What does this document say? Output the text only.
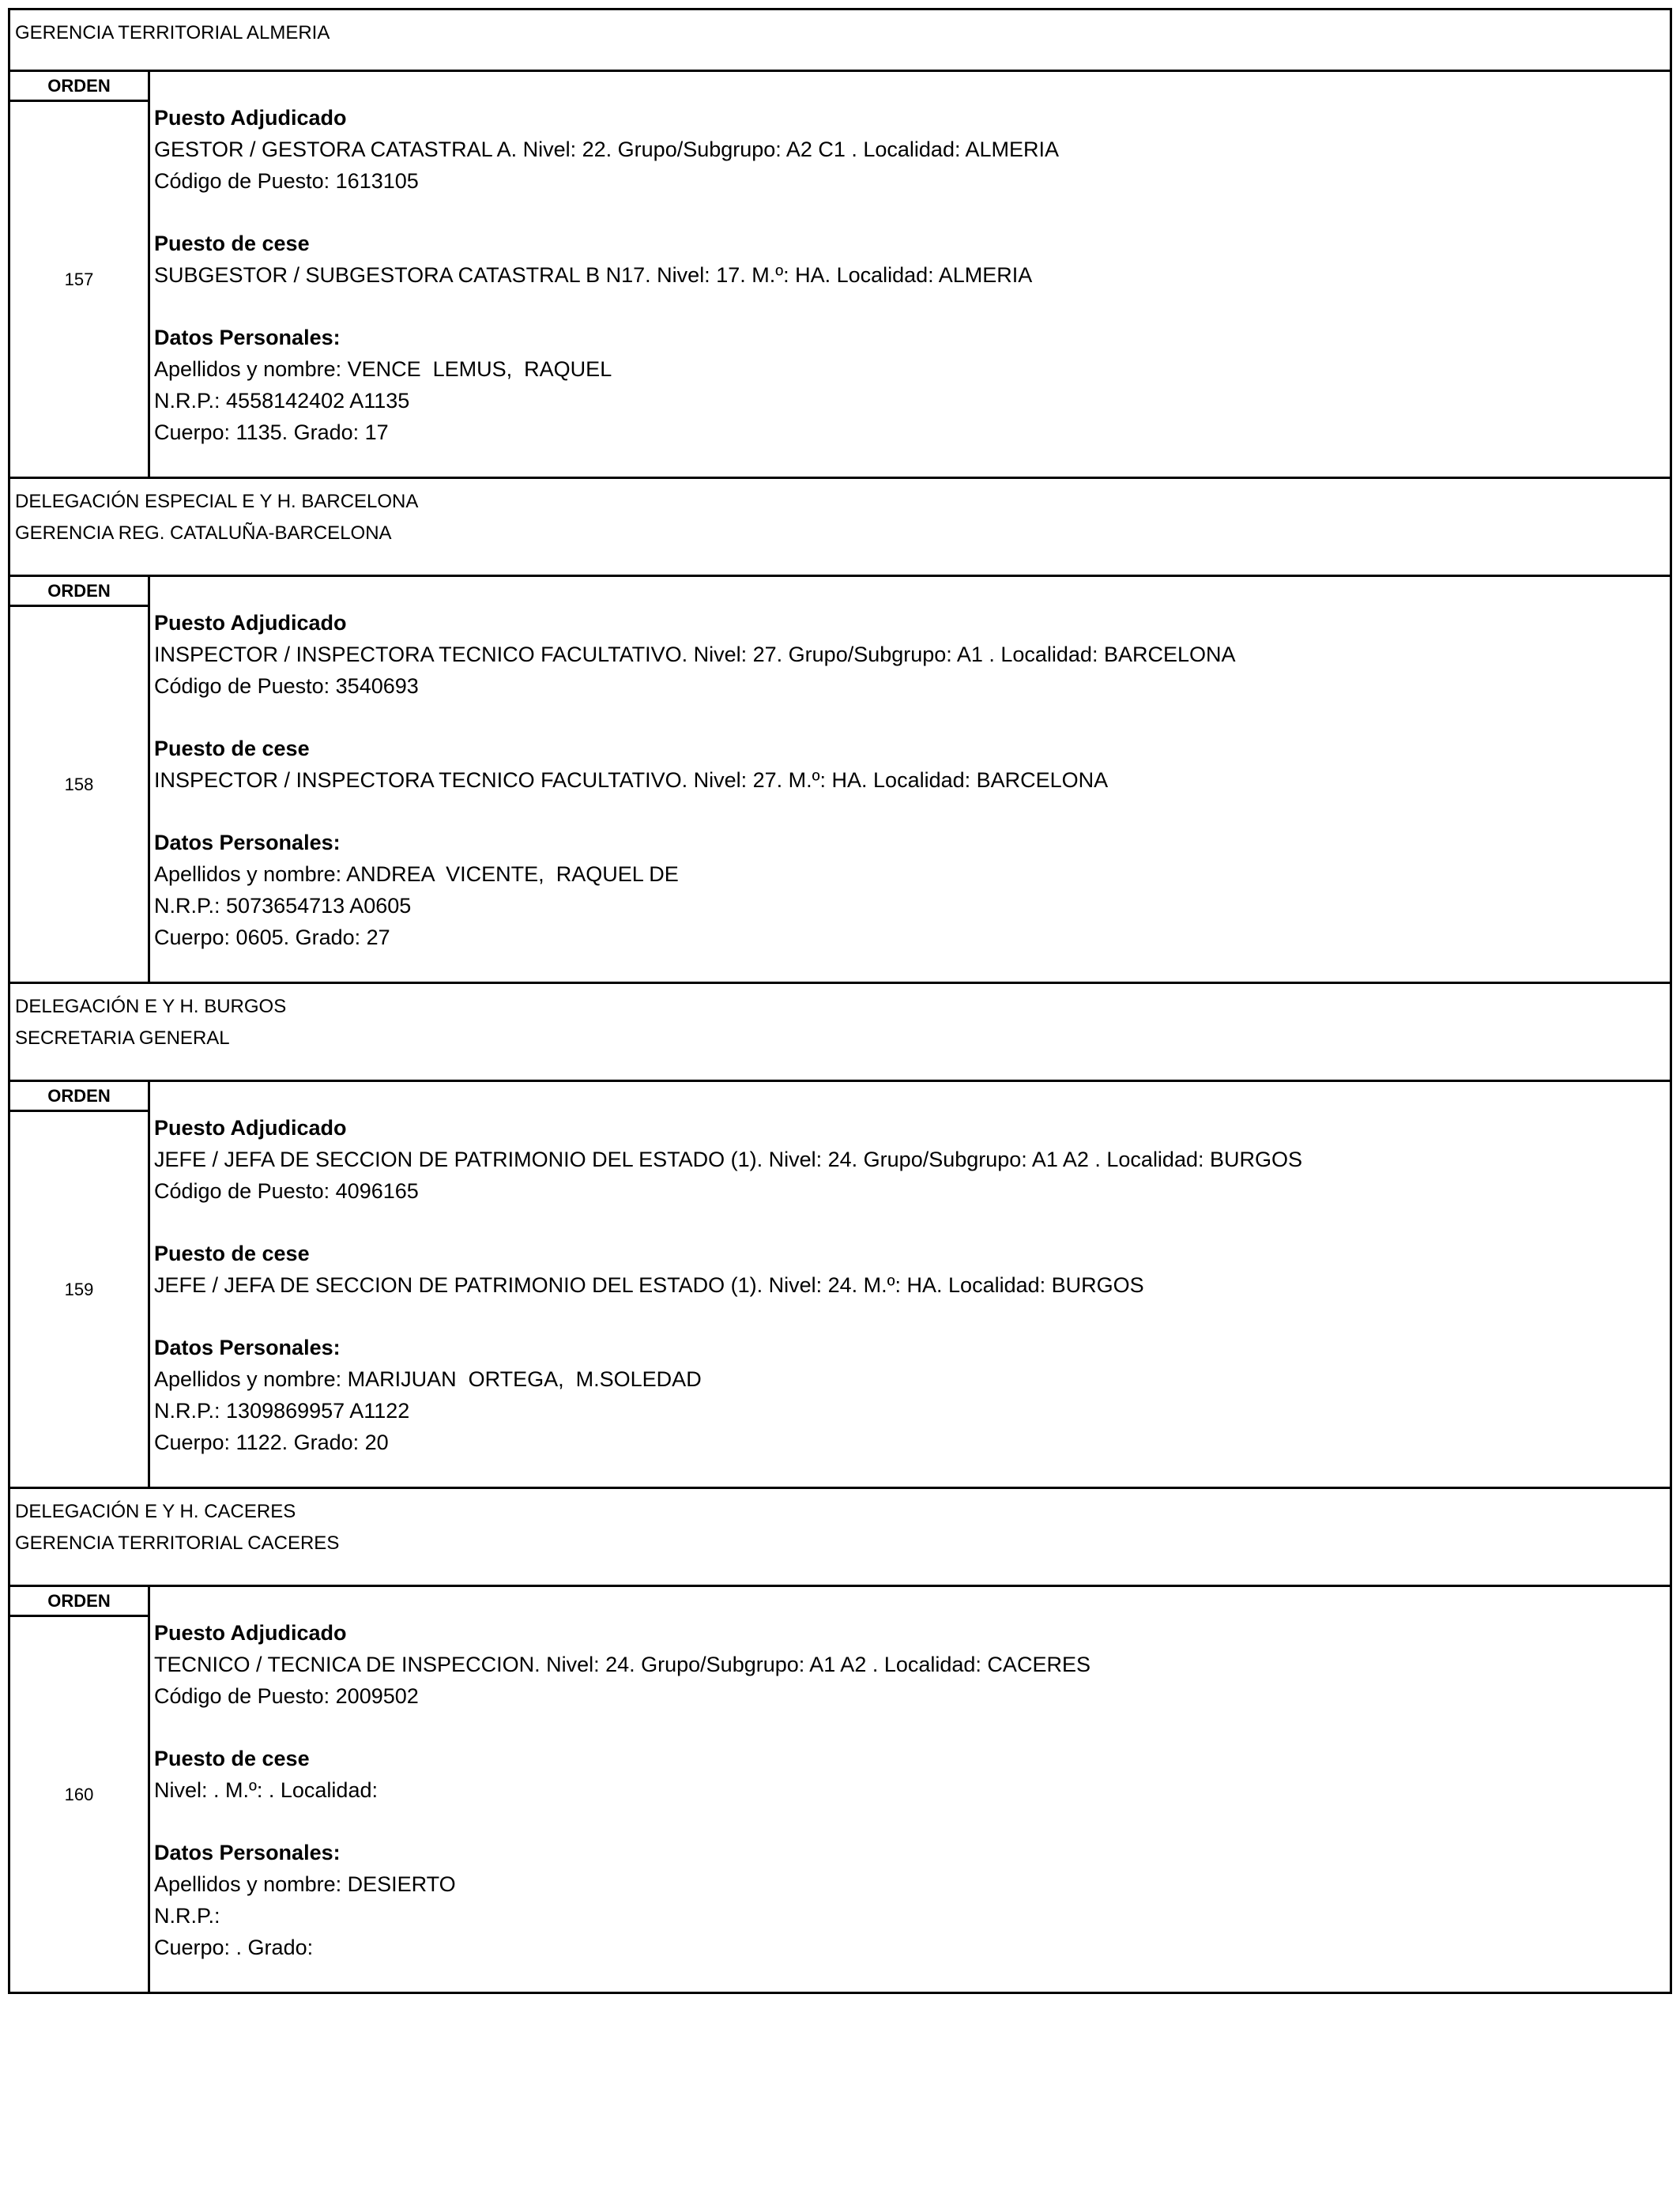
GERENCIA TERRITORIAL ALMERIA
ORDEN
157
Puesto Adjudicado
GESTOR / GESTORA CATASTRAL A. Nivel: 22. Grupo/Subgrupo: A2 C1 . Localidad: ALMERIA
Código de Puesto: 1613105
Puesto de cese
SUBGESTOR / SUBGESTORA CATASTRAL B N17. Nivel: 17. M.º: HA. Localidad: ALMERIA
Datos Personales:
Apellidos y nombre: VENCE  LEMUS,  RAQUEL
N.R.P.: 4558142402 A1135
Cuerpo: 1135. Grado: 17
DELEGACIÓN ESPECIAL E Y H. BARCELONA
GERENCIA REG. CATALUÑA-BARCELONA
ORDEN
158
Puesto Adjudicado
INSPECTOR / INSPECTORA TECNICO FACULTATIVO. Nivel: 27. Grupo/Subgrupo: A1 . Localidad: BARCELONA
Código de Puesto: 3540693
Puesto de cese
INSPECTOR / INSPECTORA TECNICO FACULTATIVO. Nivel: 27. M.º: HA. Localidad: BARCELONA
Datos Personales:
Apellidos y nombre: ANDREA  VICENTE,  RAQUEL DE
N.R.P.: 5073654713 A0605
Cuerpo: 0605. Grado: 27
DELEGACIÓN E Y H. BURGOS
SECRETARIA GENERAL
ORDEN
159
Puesto Adjudicado
JEFE / JEFA DE SECCION DE PATRIMONIO DEL ESTADO (1). Nivel: 24. Grupo/Subgrupo: A1 A2 . Localidad: BURGOS
Código de Puesto: 4096165
Puesto de cese
JEFE / JEFA DE SECCION DE PATRIMONIO DEL ESTADO (1). Nivel: 24. M.º: HA. Localidad: BURGOS
Datos Personales:
Apellidos y nombre: MARIJUAN  ORTEGA,  M.SOLEDAD
N.R.P.: 1309869957 A1122
Cuerpo: 1122. Grado: 20
DELEGACIÓN E Y H. CACERES
GERENCIA TERRITORIAL CACERES
ORDEN
160
Puesto Adjudicado
TECNICO / TECNICA DE INSPECCION. Nivel: 24. Grupo/Subgrupo: A1 A2 . Localidad: CACERES
Código de Puesto: 2009502
Puesto de cese
Nivel: . M.º: . Localidad:
Datos Personales:
Apellidos y nombre: DESIERTO
N.R.P.:
Cuerpo: . Grado:
